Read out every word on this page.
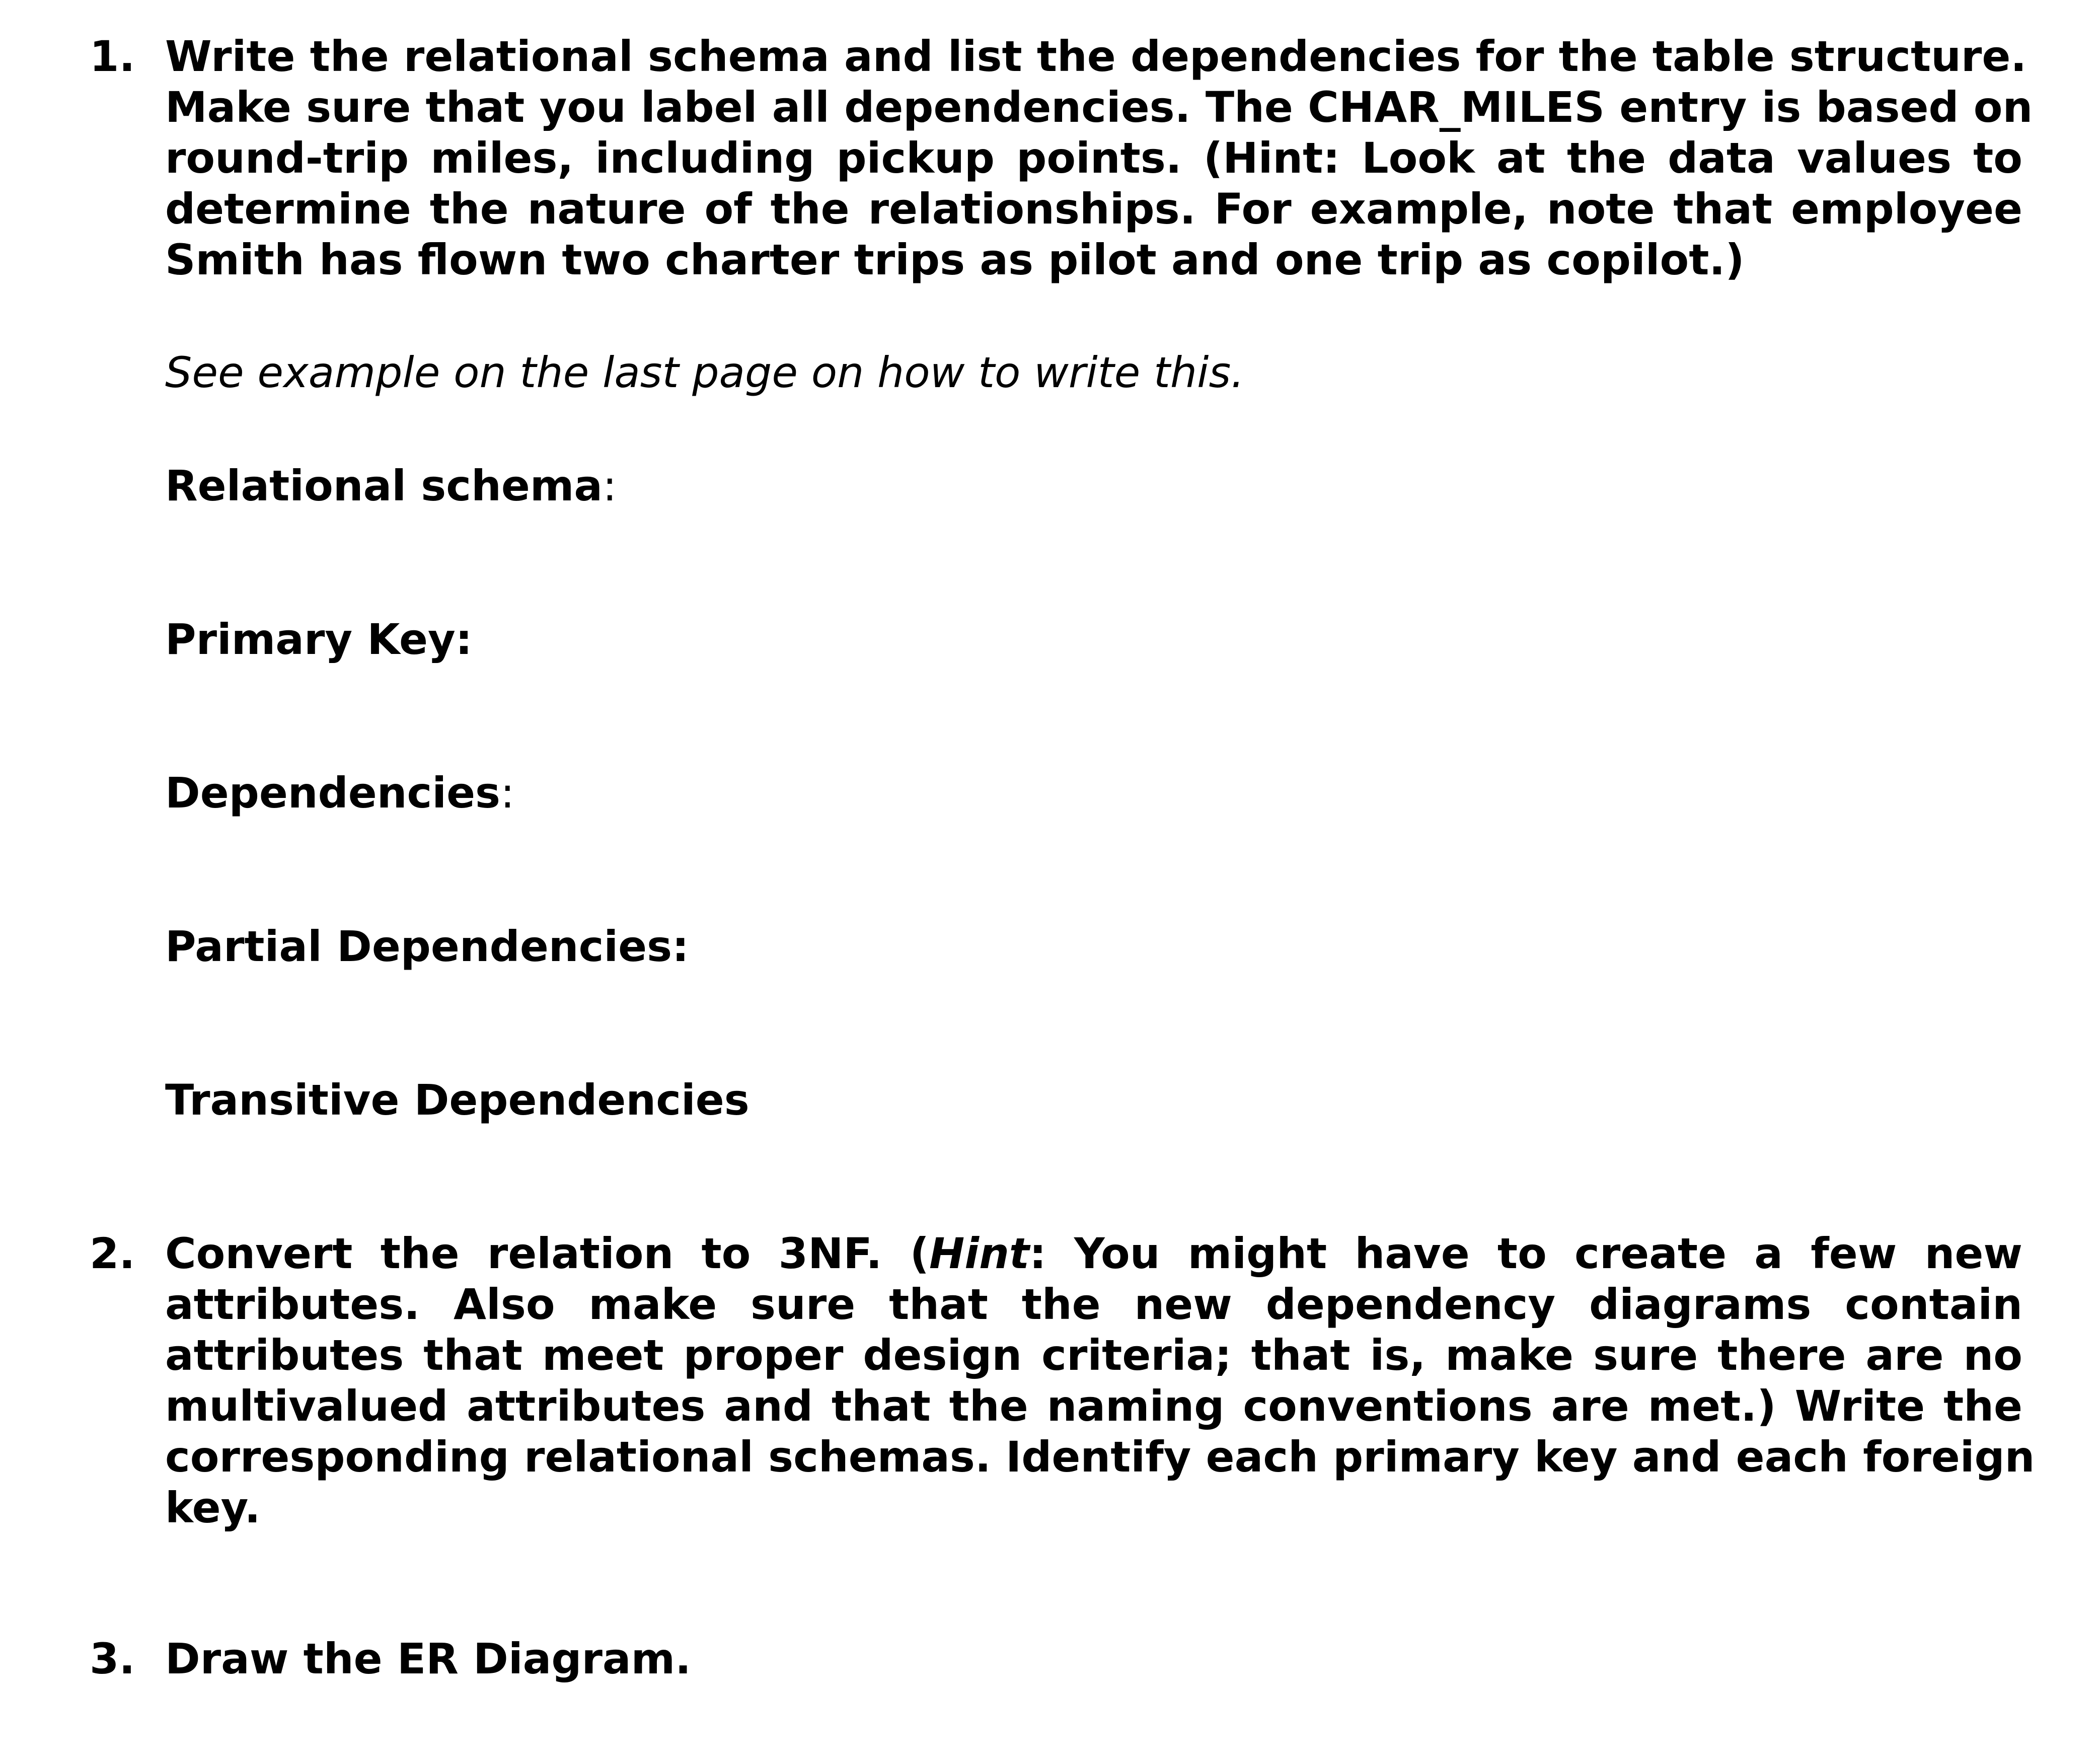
1. Write the relational schema and list the dependencies for the table structure.
Make sure that you label all dependencies. The CHAR_MILES entry is based on
round-trip miles, including pickup points. (Hint: Look at the data values to
determine the nature of the relationships. For example, note that employee
Smith has flown two charter trips as pilot and one trip as copilot.)
See example on the last page on how to write this.
Relational schema:
Primary Key:
Dependencies:
Partial Dependencies:
Transitive Dependencies
2. Convert the relation to 3NF. (Hint: You might have to create a few new
attributes. Also make sure that the new dependency diagrams contain
attributes that meet proper design criteria; that is, make sure there are no
multivalued attributes and that the naming conventions are met.) Write the
corresponding relational schemas. Identify each primary key and each foreign
key.
3. Draw the ER Diagram.
